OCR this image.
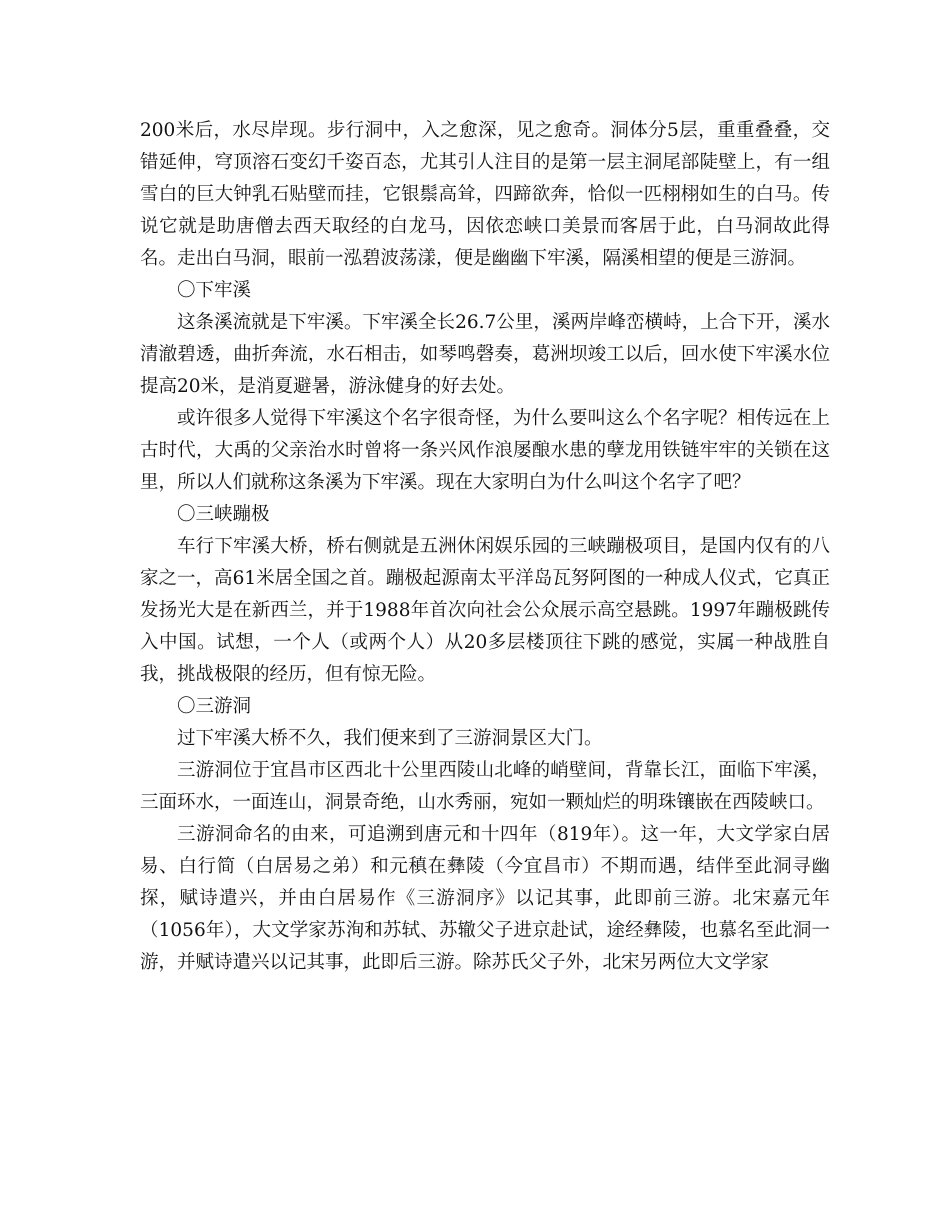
200米后，水尽岸现。步行洞中，入之愈深，见之愈奇。洞体分5层，重重叠叠，交错延伸，穹顶溶石变幻千姿百态，尤其引人注目的是第一层主洞尾部陡壁上，有一组雪白的巨大钟乳石贴壁而挂，它银鬃高耸，四蹄欲奔，恰似一匹栩栩如生的白马。传说它就是助唐僧去西天取经的白龙马，因依恋峡口美景而客居于此，白马洞故此得名。走出白马洞，眼前一泓碧波荡漾，便是幽幽下牢溪，隔溪相望的便是三游洞。

〇下牢溪

这条溪流就是下牢溪。下牢溪全长26.7公里，溪两岸峰峦横峙，上合下开，溪水清澈碧透，曲折奔流，水石相击，如琴鸣磬奏，葛洲坝竣工以后，回水使下牢溪水位提高20米，是消夏避暑，游泳健身的好去处。

或许很多人觉得下牢溪这个名字很奇怪，为什么要叫这么个名字呢？相传远在上古时代，大禹的父亲治水时曾将一条兴风作浪屡酿水患的孽龙用铁链牢牢的关锁在这里，所以人们就称这条溪为下牢溪。现在大家明白为什么叫这个名字了吧？

〇三峡蹦极

车行下牢溪大桥，桥右侧就是五洲休闲娱乐园的三峡蹦极项目，是国内仅有的八家之一，高61米居全国之首。蹦极起源南太平洋岛瓦努阿图的一种成人仪式，它真正发扬光大是在新西兰，并于1988年首次向社会公众展示高空悬跳。1997年蹦极跳传入中国。试想，一个人（或两个人）从20多层楼顶往下跳的感觉，实属一种战胜自我，挑战极限的经历，但有惊无险。

〇三游洞

过下牢溪大桥不久，我们便来到了三游洞景区大门。

三游洞位于宜昌市区西北十公里西陵山北峰的峭壁间，背靠长江，面临下牢溪，三面环水，一面连山，洞景奇绝，山水秀丽，宛如一颗灿烂的明珠镶嵌在西陵峡口。

三游洞命名的由来，可追溯到唐元和十四年（819年）。这一年，大文学家白居易、白行简（白居易之弟）和元稹在彝陵（今宜昌市）不期而遇，结伴至此洞寻幽探，赋诗遣兴，并由白居易作《三游洞序》以记其事，此即前三游。北宋嘉元年（1056年），大文学家苏洵和苏轼、苏辙父子进京赴试，途经彝陵，也慕名至此洞一游，并赋诗遣兴以记其事，此即后三游。除苏氏父子外，北宋另两位大文学家
